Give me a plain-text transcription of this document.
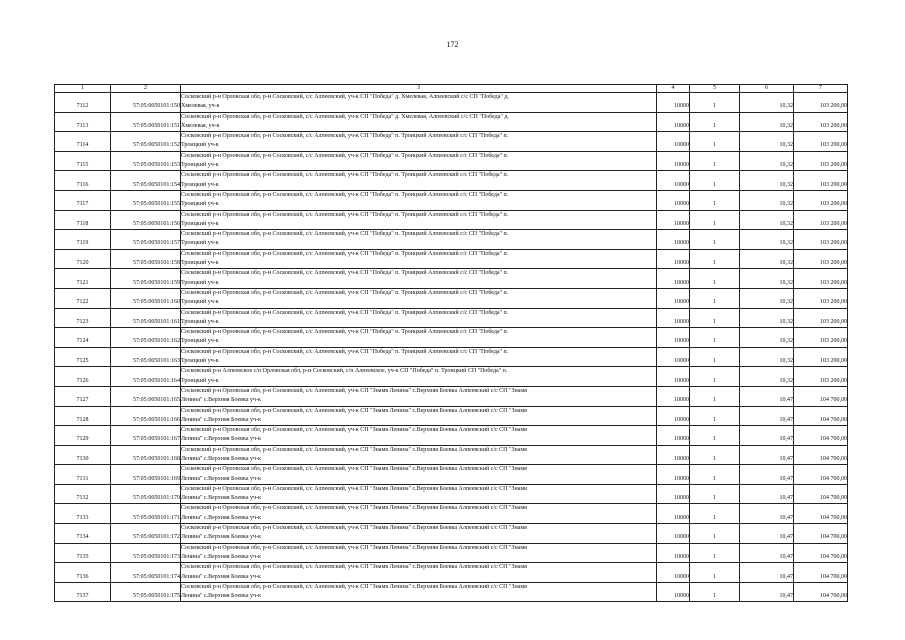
172
1	2	3	4	5	6	7
7112	57:05:0050101:150	Сосковский р-н Орловская обл, р-н Сосковский, с/с Алпеевский, уч-к СП "Победа" д. Хмелевая, Алпеевский с/с СП "Победа" д.
Хмелевая, уч-к	10000	1	10,32	103 200,00
7113	57:05:0050101:151	Сосковский р-н Орловская обл, р-н Сосковский, с/с Алпеевский, уч-к СП "Победа" д. Хмелевая, Алпеевский с/с СП "Победа" д.
Хмелевая, уч-к	10000	1	10,32	103 200,00
7114	57:05:0050101:152	Сосковский р-н Орловская обл, р-н Сосковский, с/с Алпеевский, уч-к СП "Победа" п. Троицкий Алпеевский с/с СП "Победа" п.
Троицкий уч-к	10000	1	10,32	103 200,00
7115	57:05:0050101:153	Сосковский р-н Орловская обл, р-н Сосковский, с/с Алпеевский, уч-к СП "Победа" п. Троицкий Алпеевский с/с СП "Победа" п.
Троицкий уч-к	10000	1	10,32	103 200,00
7116	57:05:0050101:154	Сосковский р-н Орловская обл, р-н Сосковский, с/с Алпеевский, уч-к СП "Победа" п. Троицкий Алпеевский с/с СП "Победа" п.
Троицкий уч-к	10000	1	10,32	103 200,00
7117	57:05:0050101:155	Сосковский р-н Орловская обл, р-н Сосковский, с/с Алпеевский, уч-к СП "Победа" п. Троицкий Алпеевский с/с СП "Победа" п.
Троицкий уч-к	10000	1	10,32	103 200,00
7118	57:05:0050101:156	Сосковский р-н Орловская обл, р-н Сосковский, с/с Алпеевский, уч-к СП "Победа" п. Троицкий Алпеевский с/с СП "Победа" п.
Троицкий уч-к	10000	1	10,32	103 200,00
7119	57:05:0050101:157	Сосковский р-н Орловская обл, р-н Сосковский, с/с Алпеевский, уч-к СП "Победа" п. Троицкий Алпеевский с/с СП "Победа" п.
Троицкий уч-к	10000	1	10,32	103 200,00
7120	57:05:0050101:158	Сосковский р-н Орловская обл, р-н Сосковский, с/с Алпеевский, уч-к СП "Победа" п. Троицкий Алпеевский с/с СП "Победа" п.
Троицкий уч-к	10000	1	10,32	103 200,00
7121	57:05:0050101:159	Сосковский р-н Орловская обл, р-н Сосковский, с/с Алпеевский, уч-к СП "Победа" п. Троицкий Алпеевский с/с СП "Победа" п.
Троицкий уч-к	10000	1	10,32	103 200,00
7122	57:05:0050101:160	Сосковский р-н Орловская обл, р-н Сосковский, с/с Алпеевский, уч-к СП "Победа" п. Троицкий Алпеевский с/с СП "Победа" п.
Троицкий уч-к	10000	1	10,32	103 200,00
7123	57:05:0050101:161	Сосковский р-н Орловская обл, р-н Сосковский, с/с Алпеевский, уч-к СП "Победа" п. Троицкий Алпеевский с/с СП "Победа" п.
Троицкий уч-к	10000	1	10,32	103 200,00
7124	57:05:0050101:162	Сосковский р-н Орловская обл, р-н Сосковский, с/с Алпеевский, уч-к СП "Победа" п. Троицкий Алпеевский с/с СП "Победа" п.
Троицкий уч-к	10000	1	10,32	103 200,00
7125	57:05:0050101:163	Сосковский р-н Орловская обл, р-н Сосковский, с/с Алпеевский, уч-к СП "Победа" п. Троицкий Алпеевский с/с СП "Победа" п.
Троицкий уч-к	10000	1	10,32	103 200,00
7126	57:05:0050101:164	Сосковский р-н Алпеевское с/п Орловская обл, р-н Сосковский, с/п Алпеевское, уч-к СП "Победа" п. Троицкий СП "Победа" п.
Троицкий уч-к	10000	1	10,32	103 200,00
7127	57:05:0050101:165	Сосковский р-н Орловская обл, р-н Сосковский, с/с Алпеевский, уч-к СП "Знамя Ленина" с.Верхняя Боевка Алпеевский с/с СП "Знамя
Ленина" с.Верхняя Боевка уч-к	10000	1	10,47	104 700,00
7128	57:05:0050101:166	Сосковский р-н Орловская обл, р-н Сосковский, с/с Алпеевский, уч-к СП "Знамя Ленина" с.Верхняя Боевка Алпеевский с/с СП "Знамя
Ленина" с.Верхняя Боевка уч-к	10000	1	10,47	104 700,00
7129	57:05:0050101:167	Сосковский р-н Орловская обл, р-н Сосковский, с/с Алпеевский, уч-к СП "Знамя Ленина" с.Верхняя Боевка Алпеевский с/с СП "Знамя
Ленина" с.Верхняя Боевка уч-к	10000	1	10,47	104 700,00
7130	57:05:0050101:168	Сосковский р-н Орловская обл, р-н Сосковский, с/с Алпеевский, уч-к СП "Знамя Ленина" с.Верхняя Боевка Алпеевский с/с СП "Знамя
Ленина" с.Верхняя Боевка уч-к	10000	1	10,47	104 700,00
7131	57:05:0050101:169	Сосковский р-н Орловская обл, р-н Сосковский, с/с Алпеевский, уч-к СП "Знамя Ленина" с.Верхняя Боевка Алпеевский с/с СП "Знамя
Ленина" с.Верхняя Боевка уч-к	10000	1	10,47	104 700,00
7132	57:05:0050101:170	Сосковский р-н Орловская обл, р-н Сосковский, с/с Алпеевский, уч-к СП "Знамя Ленина" с.Верхняя Боевка Алпеевский с/с СП "Знамя
Ленина" с.Верхняя Боевка уч-к	10000	1	10,47	104 700,00
7133	57:05:0050101:171	Сосковский р-н Орловская обл, р-н Сосковский, с/с Алпеевский, уч-к СП "Знамя Ленина" с.Верхняя Боевка Алпеевский с/с СП "Знамя
Ленина" с.Верхняя Боевка уч-к	10000	1	10,47	104 700,00
7134	57:05:0050101:172	Сосковский р-н Орловская обл, р-н Сосковский, с/с Алпеевский, уч-к СП "Знамя Ленина" с.Верхняя Боевка Алпеевский с/с СП "Знамя
Ленина" с.Верхняя Боевка уч-к	10000	1	10,47	104 700,00
7135	57:05:0050101:173	Сосковский р-н Орловская обл, р-н Сосковский, с/с Алпеевский, уч-к СП "Знамя Ленина" с.Верхняя Боевка Алпеевский с/с СП "Знамя
Ленина" с.Верхняя Боевка уч-к	10000	1	10,47	104 700,00
7136	57:05:0050101:174	Сосковский р-н Орловская обл, р-н Сосковский, с/с Алпеевский, уч-к СП "Знамя Ленина" с.Верхняя Боевка Алпеевский с/с СП "Знамя
Ленина" с.Верхняя Боевка уч-к	10000	1	10,47	104 700,00
7137	57:05:0050101:175	Сосковский р-н Орловская обл, р-н Сосковский, с/с Алпеевский, уч-к СП "Знамя Ленина" с.Верхняя Боевка Алпеевский с/с СП "Знамя
Ленина" с.Верхняя Боевка уч-к	10000	1	10,47	104 700,00
